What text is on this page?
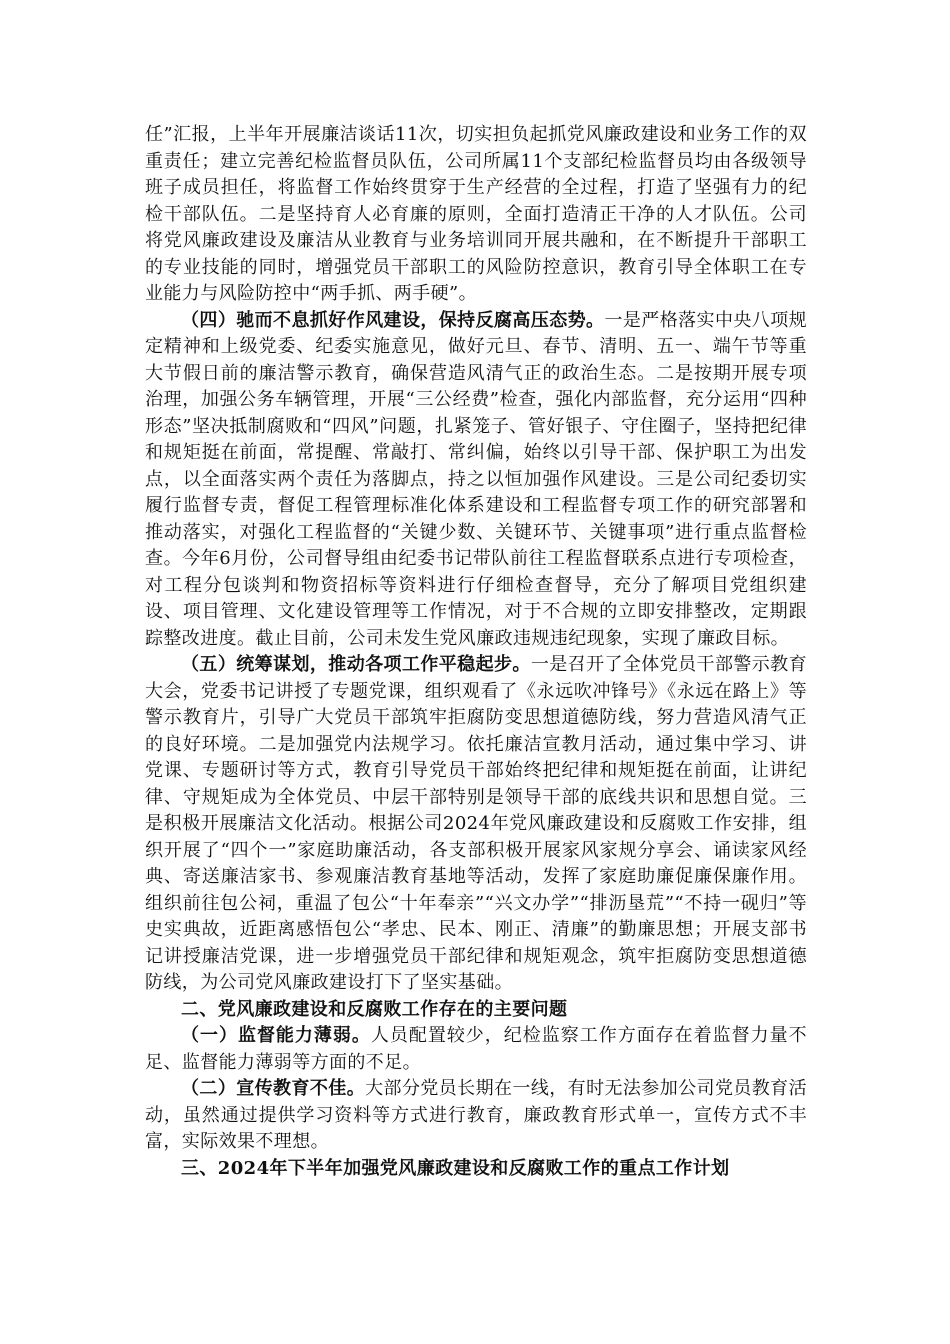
任”汇报，上半年开展廉洁谈话11次，切实担负起抓党风廉政建设和业务工作的双重责任；建立完善纪检监督员队伍，公司所属11个支部纪检监督员均由各级领导班子成员担任，将监督工作始终贯穿于生产经营的全过程，打造了坚强有力的纪检干部队伍。二是坚持育人必育廉的原则，全面打造清正干净的人才队伍。公司将党风廉政建设及廉洁从业教育与业务培训同开展共融和，在不断提升干部职工的专业技能的同时，增强党员干部职工的风险防控意识，教育引导全体职工在专业能力与风险防控中“两手抓、两手硬”。

（四）驰而不息抓好作风建设，保持反腐高压态势。一是严格落实中央八项规定精神和上级党委、纪委实施意见，做好元旦、春节、清明、五一、端午节等重大节假日前的廉洁警示教育，确保营造风清气正的政治生态。二是按期开展专项治理，加强公务车辆管理，开展“三公经费”检查，强化内部监督，充分运用“四种形态”坚决抵制腐败和“四风”问题，扎紧笼子、管好银子、守住圈子，坚持把纪律和规矩挺在前面，常提醒、常敲打、常纠偏，始终以引导干部、保护职工为出发点，以全面落实两个责任为落脚点，持之以恒加强作风建设。三是公司纪委切实履行监督专责，督促工程管理标准化体系建设和工程监督专项工作的研究部署和推动落实，对强化工程监督的“关键少数、关键环节、关键事项”进行重点监督检查。今年6月份，公司督导组由纪委书记带队前往工程监督联系点进行专项检查，对工程分包谈判和物资招标等资料进行仔细检查督导，充分了解项目党组织建设、项目管理、文化建设管理等工作情况，对于不合规的立即安排整改，定期跟踪整改进度。截止目前，公司未发生党风廉政违规违纪现象，实现了廉政目标。

（五）统筹谋划，推动各项工作平稳起步。一是召开了全体党员干部警示教育大会，党委书记讲授了专题党课，组织观看了《永远吹冲锋号》《永远在路上》等警示教育片，引导广大党员干部筑牢拒腐防变思想道德防线，努力营造风清气正的良好环境。二是加强党内法规学习。依托廉洁宣教月活动，通过集中学习、讲党课、专题研讨等方式，教育引导党员干部始终把纪律和规矩挺在前面，让讲纪律、守规矩成为全体党员、中层干部特别是领导干部的底线共识和思想自觉。三是积极开展廉洁文化活动。根据公司2024年党风廉政建设和反腐败工作安排，组织开展了“四个一”家庭助廉活动，各支部积极开展家风家规分享会、诵读家风经典、寄送廉洁家书、参观廉洁教育基地等活动，发挥了家庭助廉促廉保廉作用。组织前往包公祠，重温了包公“十年奉亲”“兴文办学”“排沥垦荒”“不持一砚归”等史实典故，近距离感悟包公“孝忠、民本、刚正、清廉”的勤廉思想；开展支部书记讲授廉洁党课，进一步增强党员干部纪律和规矩观念，筑牢拒腐防变思想道德防线，为公司党风廉政建设打下了坚实基础。

二、党风廉政建设和反腐败工作存在的主要问题

（一）监督能力薄弱。人员配置较少，纪检监察工作方面存在着监督力量不足、监督能力薄弱等方面的不足。

（二）宣传教育不佳。大部分党员长期在一线，有时无法参加公司党员教育活动，虽然通过提供学习资料等方式进行教育，廉政教育形式单一，宣传方式不丰富，实际效果不理想。

三、2024年下半年加强党风廉政建设和反腐败工作的重点工作计划
